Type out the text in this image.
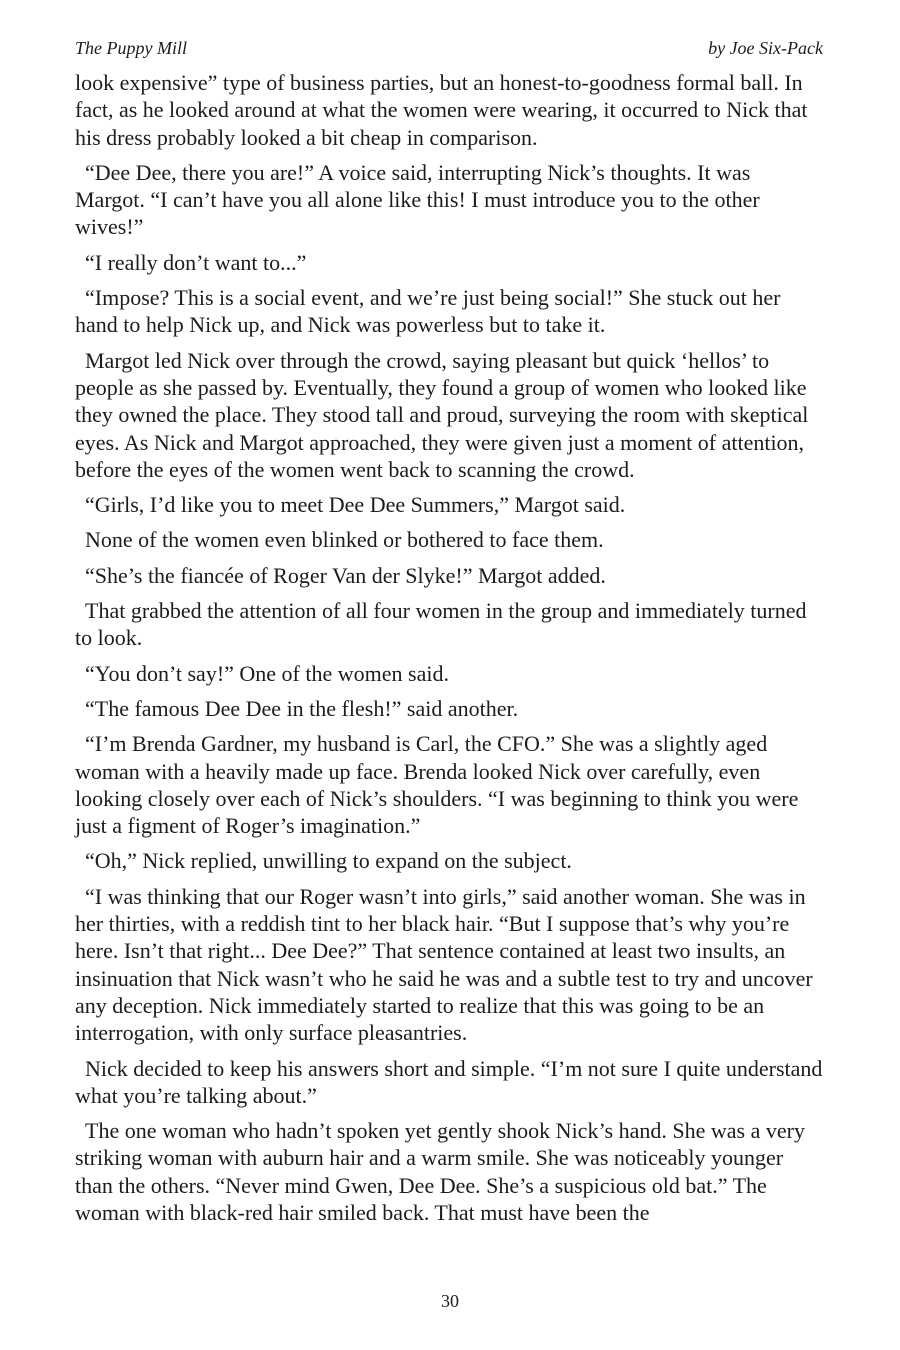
The Puppy Mill	by Joe Six-Pack

look expensive” type of business parties, but an honest-to-goodness formal ball. In fact, as he looked around at what the women were wearing, it occurred to Nick that his dress probably looked a bit cheap in comparison.

“Dee Dee, there you are!” A voice said, interrupting Nick’s thoughts. It was Margot. “I can’t have you all alone like this! I must introduce you to the other wives!”

“I really don’t want to...”

“Impose? This is a social event, and we’re just being social!” She stuck out her hand to help Nick up, and Nick was powerless but to take it.

Margot led Nick over through the crowd, saying pleasant but quick ‘hellos’ to people as she passed by. Eventually, they found a group of women who looked like they owned the place. They stood tall and proud, surveying the room with skeptical eyes. As Nick and Margot approached, they were given just a moment of attention, before the eyes of the women went back to scanning the crowd.

“Girls, I’d like you to meet Dee Dee Summers,” Margot said.

None of the women even blinked or bothered to face them.

“She’s the fiancée of Roger Van der Slyke!” Margot added.

That grabbed the attention of all four women in the group and immediately turned to look.

“You don’t say!” One of the women said.

“The famous Dee Dee in the flesh!” said another.

“I’m Brenda Gardner, my husband is Carl, the CFO.” She was a slightly aged woman with a heavily made up face. Brenda looked Nick over carefully, even looking closely over each of Nick’s shoulders. “I was beginning to think you were just a figment of Roger’s imagination.”

“Oh,” Nick replied, unwilling to expand on the subject.

“I was thinking that our Roger wasn’t into girls,” said another woman. She was in her thirties, with a reddish tint to her black hair. “But I suppose that’s why you’re here. Isn’t that right... Dee Dee?” That sentence contained at least two insults, an insinuation that Nick wasn’t who he said he was and a subtle test to try and uncover any deception. Nick immediately started to realize that this was going to be an interrogation, with only surface pleasantries.

Nick decided to keep his answers short and simple. “I’m not sure I quite understand what you’re talking about.”

The one woman who hadn’t spoken yet gently shook Nick’s hand. She was a very striking woman with auburn hair and a warm smile. She was noticeably younger than the others. “Never mind Gwen, Dee Dee. She’s a suspicious old bat.” The woman with black-red hair smiled back. That must have been the

30
